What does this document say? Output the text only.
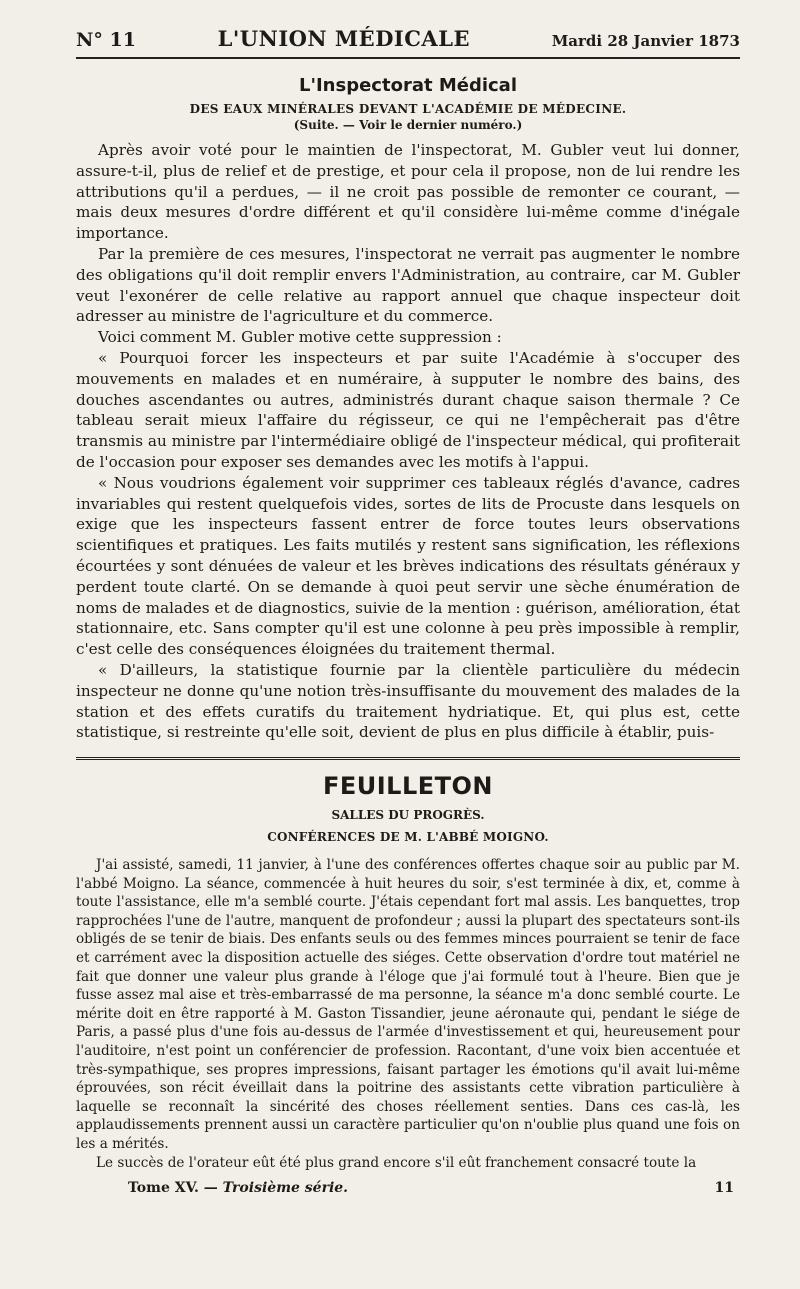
N° 11	L'UNION MÉDICALE	Mardi 28 Janvier 1873
L'Inspectorat Médical
DES EAUX MINÉRALES DEVANT L'ACADÉMIE DE MÉDECINE.
(Suite. — Voir le dernier numéro.)

Après avoir voté pour le maintien de l'inspectorat, M. Gubler veut lui donner, assure-t-il, plus de relief et de prestige, et pour cela il propose, non de lui rendre les attributions qu'il a perdues, — il ne croit pas possible de remonter ce courant, — mais deux mesures d'ordre différent et qu'il considère lui-même comme d'inégale importance.

Par la première de ces mesures, l'inspectorat ne verrait pas augmenter le nombre des obligations qu'il doit remplir envers l'Administration, au contraire, car M. Gubler veut l'exonérer de celle relative au rapport annuel que chaque inspecteur doit adresser au ministre de l'agriculture et du commerce.

Voici comment M. Gubler motive cette suppression :

« Pourquoi forcer les inspecteurs et par suite l'Académie à s'occuper des mouvements en malades et en numéraire, à supputer le nombre des bains, des douches ascendantes ou autres, administrés durant chaque saison thermale ? Ce tableau serait mieux l'affaire du régisseur, ce qui ne l'empêcherait pas d'être transmis au ministre par l'intermédiaire obligé de l'inspecteur médical, qui profiterait de l'occasion pour exposer ses demandes avec les motifs à l'appui.

« Nous voudrions également voir supprimer ces tableaux réglés d'avance, cadres invariables qui restent quelquefois vides, sortes de lits de Procuste dans lesquels on exige que les inspecteurs fassent entrer de force toutes leurs observations scientifiques et pratiques. Les faits mutilés y restent sans signification, les réflexions écourtées y sont dénuées de valeur et les brèves indications des résultats généraux y perdent toute clarté. On se demande à quoi peut servir une sèche énumération de noms de malades et de diagnostics, suivie de la mention : guérison, amélioration, état stationnaire, etc. Sans compter qu'il est une colonne à peu près impossible à remplir, c'est celle des conséquences éloignées du traitement thermal.

« D'ailleurs, la statistique fournie par la clientèle particulière du médecin inspecteur ne donne qu'une notion très-insuffisante du mouvement des malades de la station et des effets curatifs du traitement hydriatique. Et, qui plus est, cette statistique, si restreinte qu'elle soit, devient de plus en plus difficile à établir, puis-

FEUILLETON
SALLES DU PROGRÈS.
CONFÉRENCES DE M. L'ABBÉ MOIGNO.

J'ai assisté, samedi, 11 janvier, à l'une des conférences offertes chaque soir au public par M. l'abbé Moigno. La séance, commencée à huit heures du soir, s'est terminée à dix, et, comme à toute l'assistance, elle m'a semblé courte. J'étais cependant fort mal assis. Les banquettes, trop rapprochées l'une de l'autre, manquent de profondeur ; aussi la plupart des spectateurs sont-ils obligés de se tenir de biais. Des enfants seuls ou des femmes minces pourraient se tenir de face et carrément avec la disposition actuelle des siéges. Cette observation d'ordre tout matériel ne fait que donner une valeur plus grande à l'éloge que j'ai formulé tout à l'heure. Bien que je fusse assez mal aise et très-embarrassé de ma personne, la séance m'a donc semblé courte. Le mérite doit en être rapporté à M. Gaston Tissandier, jeune aéronaute qui, pendant le siége de Paris, a passé plus d'une fois au-dessus de l'armée d'investissement et qui, heureusement pour l'auditoire, n'est point un conférencier de profession. Racontant, d'une voix bien accentuée et très-sympathique, ses propres impressions, faisant partager les émotions qu'il avait lui-même éprouvées, son récit éveillait dans la poitrine des assistants cette vibration particulière à laquelle se reconnaît la sincérité des choses réellement senties. Dans ces cas-là, les applaudissements prennent aussi un caractère particulier qu'on n'oublie plus quand une fois on les a mérités.

Le succès de l'orateur eût été plus grand encore s'il eût franchement consacré toute la

Tome XV. — Troisième série.	11
